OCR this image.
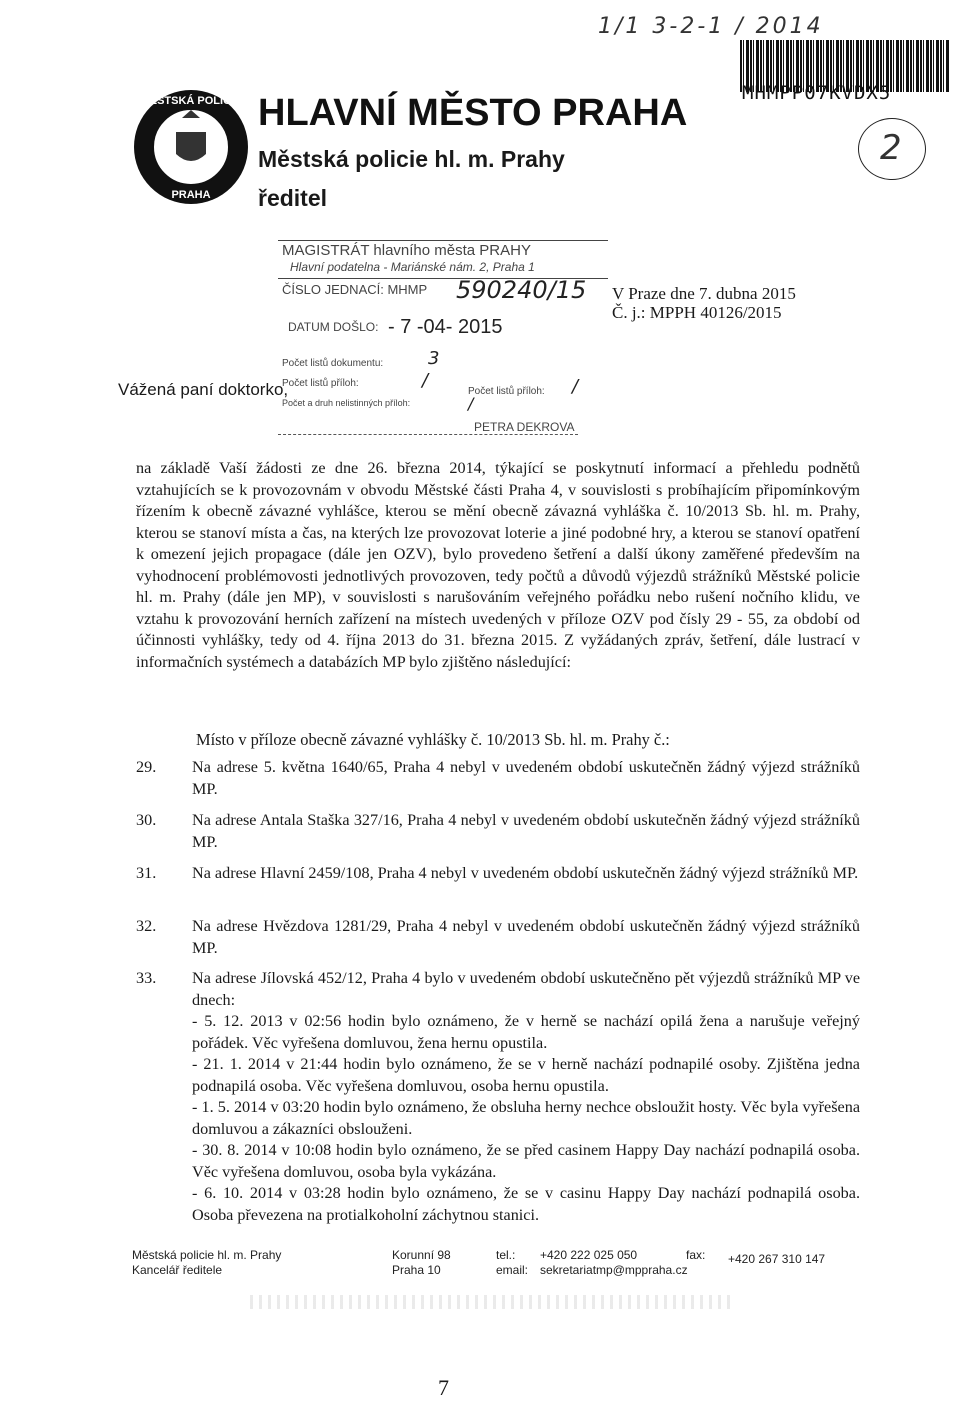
1/1 3-2-1 / 2014
MHMPP07KVDX5
2
MĚSTSKÁ POLICIE
PRAHA
HLAVNÍ MĚSTO PRAHA
Městská policie hl. m. Prahy
ředitel
MAGISTRÁT hlavního města PRAHY
Hlavní podatelna - Mariánské nám. 2, Praha 1
ČÍSLO JEDNACÍ: MHMP 590240/15
DATUM DOŠLO: - 7 -04- 2015
Počet listů dokumentu: 3
Počet listů příloh:	/
Počet listů příloh: /
Počet a druh nelistinných příloh:	/
PETRA DEKROVA
V Praze dne 7. dubna 2015
Č. j.: MPPH 40126/2015
Vážená paní doktorko,
na základě Vaší žádosti ze dne 26. března 2014, týkající se poskytnutí informací a přehledu podnětů vztahujících se k provozovnám v obvodu Městské části Praha 4, v souvislosti s probíhajícím připomínkovým řízením k obecně závazné vyhlášce, kterou se mění obecně závazná vyhláška č. 10/2013 Sb. hl. m. Prahy, kterou se stanoví místa a čas, na kterých lze provozovat loterie a jiné podobné hry, a kterou se stanoví opatření k omezení jejich propagace (dále jen OZV), bylo provedeno šetření a další úkony zaměřené především na vyhodnocení problémovosti jednotlivých provozoven, tedy počtů a důvodů výjezdů strážníků Městské policie hl. m. Prahy (dále jen MP), v souvislosti s narušováním veřejného pořádku nebo rušení nočního klidu, ve vztahu k provozování herních zařízení na místech uvedených v příloze OZV pod čísly 29 - 55, za období od účinnosti vyhlášky, tedy od 4. října 2013 do 31. března 2015. Z vyžádaných zpráv, šetření, dále lustrací v informačních systémech a databázích MP bylo zjištěno následující:
Místo v příloze obecně závazné vyhlášky č. 10/2013 Sb. hl. m. Prahy č.:
29. Na adrese 5. května 1640/65, Praha 4 nebyl v uvedeném období uskutečněn žádný výjezd strážníků MP.
30. Na adrese Antala Staška 327/16, Praha 4 nebyl v uvedeném období uskutečněn žádný výjezd strážníků MP.
31. Na adrese Hlavní 2459/108, Praha 4 nebyl v uvedeném období uskutečněn žádný výjezd strážníků MP.
32. Na adrese Hvězdova 1281/29, Praha 4 nebyl v uvedeném období uskutečněn žádný výjezd strážníků MP.
33. Na adrese Jílovská 452/12, Praha 4 bylo v uvedeném období uskutečněno pět výjezdů strážníků MP ve dnech:
- 5. 12. 2013 v 02:56 hodin bylo oznámeno, že v herně se nachází opilá žena a narušuje veřejný pořádek. Věc vyřešena domluvou, žena hernu opustila.
- 21. 1. 2014 v 21:44 hodin bylo oznámeno, že se v herně nachází podnapilé osoby. Zjištěna jedna podnapilá osoba. Věc vyřešena domluvou, osoba hernu opustila.
- 1. 5. 2014 v 03:20 hodin bylo oznámeno, že obsluha herny nechce obsloužit hosty. Věc byla vyřešena domluvou a zákazníci obslouženi.
- 30. 8. 2014 v 10:08 hodin bylo oznámeno, že se před casinem Happy Day nachází podnapilá osoba. Věc vyřešena domluvou, osoba byla vykázána.
- 6. 10. 2014 v 03:28 hodin bylo oznámeno, že se v casinu Happy Day nachází podnapilá osoba. Osoba převezena na protialkoholní záchytnou stanici.
Městská policie hl. m. Prahy
Kancelář ředitele
Korunní 98
Praha 10
tel.:
email:
+420 222 025 050
sekretariatmp@mppraha.cz
fax: +420 267 310 147
7
